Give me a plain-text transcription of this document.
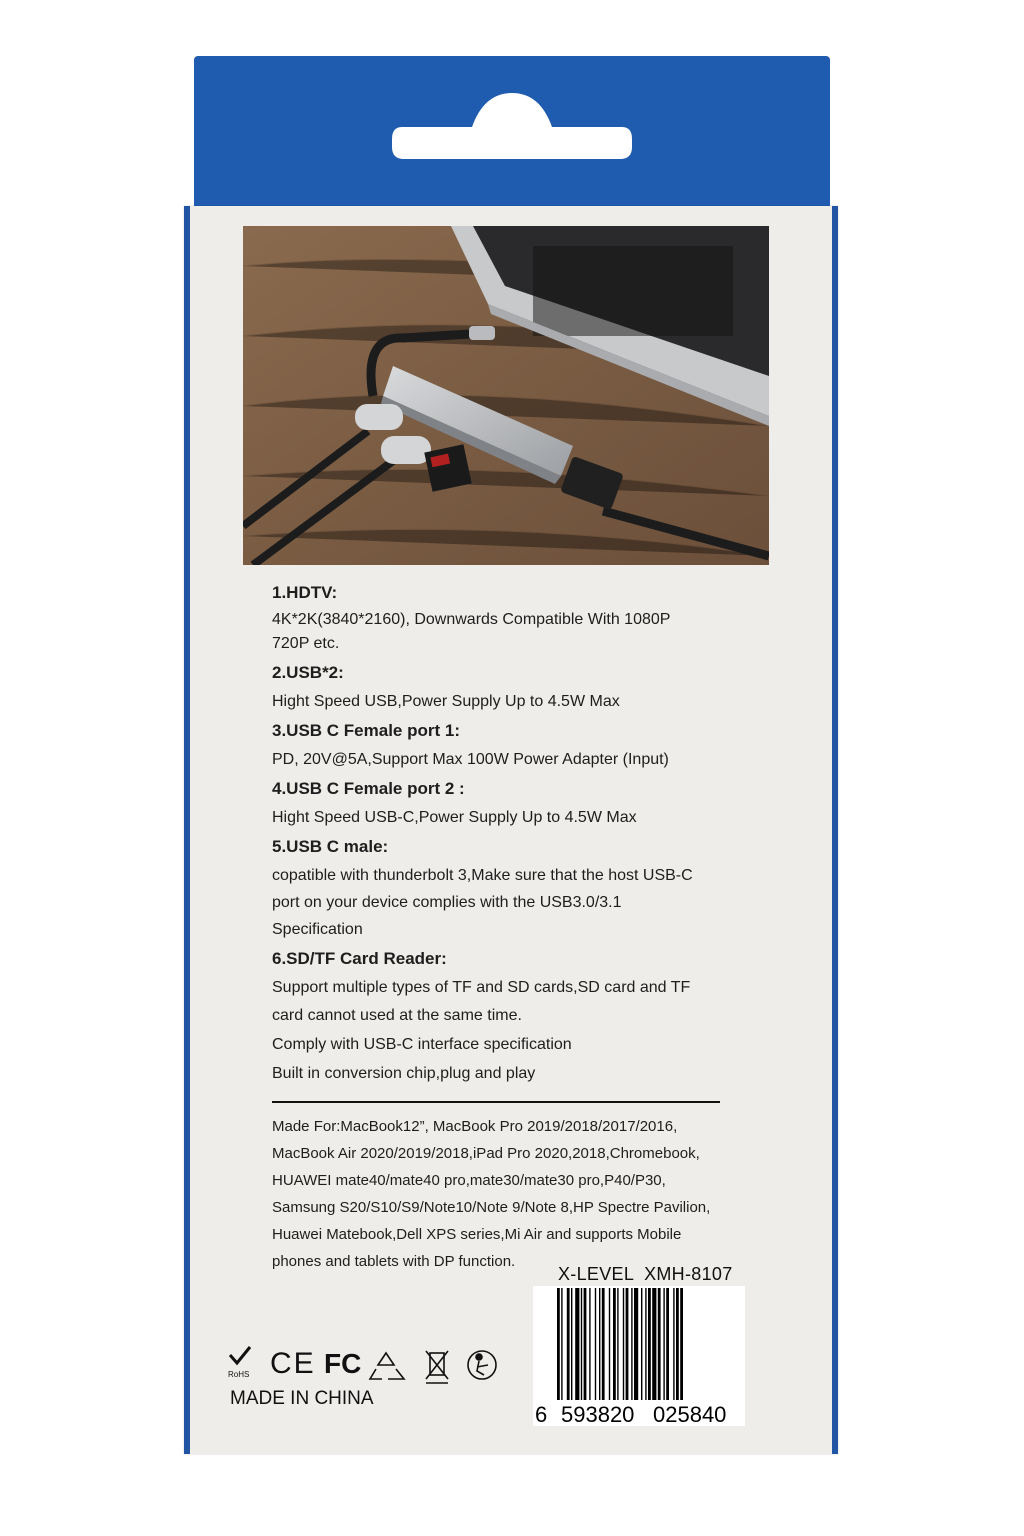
1.HDTV:

4K*2K(3840*2160), Downwards Compatible With 1080P

720P etc.

2.USB*2:

Hight Speed USB,Power Supply Up to 4.5W Max

3.USB C Female port 1:

PD, 20V@5A,Support Max 100W Power Adapter (Input)

4.USB C Female port 2 :

Hight Speed USB-C,Power Supply Up to 4.5W Max

5.USB C male:

copatible with thunderbolt 3,Make sure that the host USB-C

port on your device complies with the USB3.0/3.1

Specification

6.SD/TF Card Reader:

Support multiple types of TF and SD cards,SD card and TF

card cannot used at the same time.

Comply with USB-C interface specification

Built in conversion chip,plug and play

Made For:MacBook12”, MacBook Pro 2019/2018/2017/2016,
MacBook Air 2020/2019/2018,iPad Pro 2020,2018,Chromebook,
HUAWEI mate40/mate40 pro,mate30/mate30 pro,P40/P30,
Samsung S20/S10/S9/Note10/Note 9/Note 8,HP Spectre Pavilion,
Huawei Matebook,Dell XPS series,Mi Air and supports Mobile
phones and tablets with DP function.
X-LEVEL  XMH-8107
6 593820 025840
RoHS CE FC
MADE IN CHINA
